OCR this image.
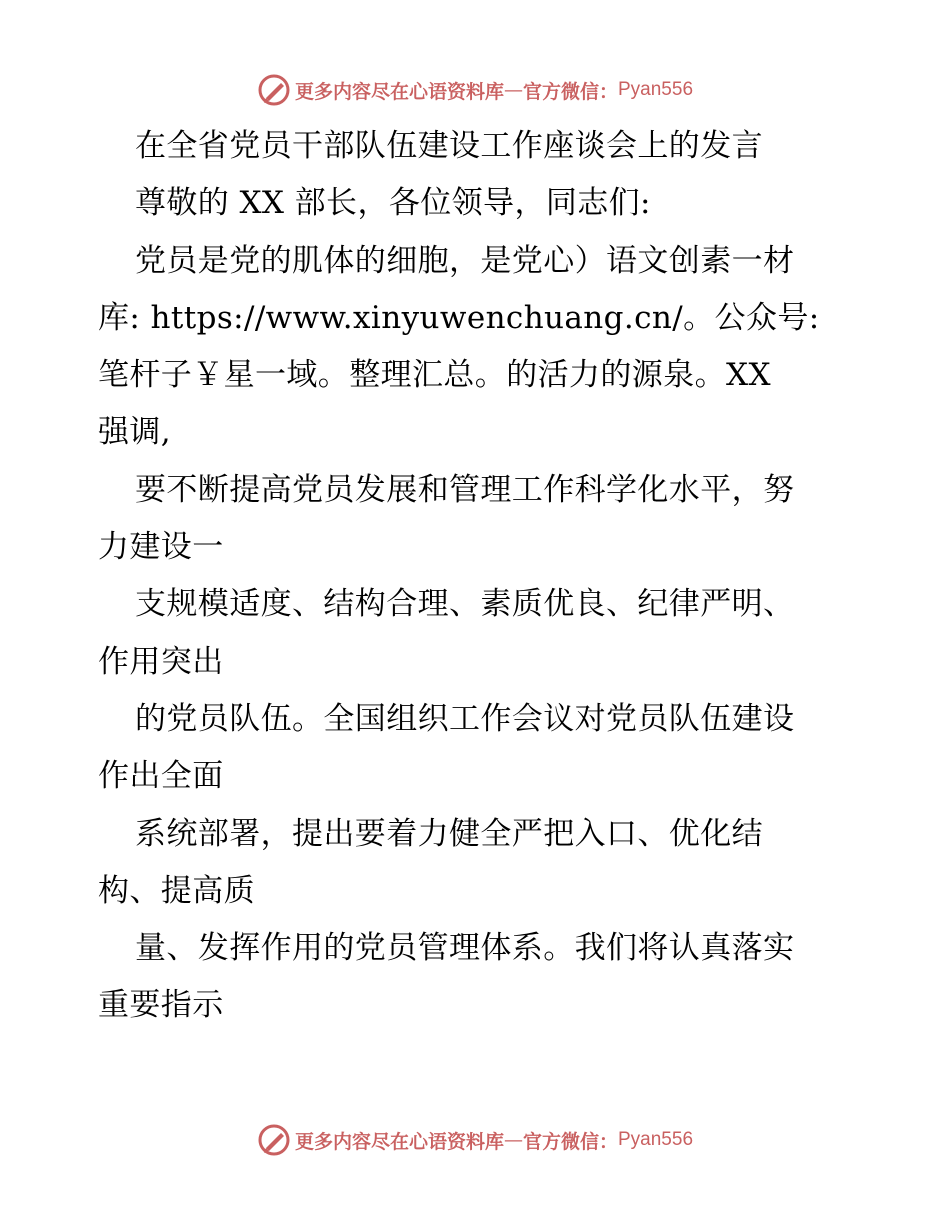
更多内容尽在心语资料库 — 官方微信： Pyan556
在全省党员干部队伍建设工作座谈会上的发言
尊敬的 XX 部长，各位领导，同志们:
党员是党的肌体的细胞，是党心）语文创素一材
库: https://www.xinyuwenchuang.cn/。公众号:
笔杆子￥星一域。整理汇总。的活力的源泉。XX
强调,
要不断提高党员发展和管理工作科学化水平，努
力建设一
支规模适度、结构合理、素质优良、纪律严明、
作用突出
的党员队伍。全国组织工作会议对党员队伍建设
作出全面
系统部署，提出要着力健全严把入口、优化结
构、提高质
量、发挥作用的党员管理体系。我们将认真落实
重要指示
更多内容尽在心语资料库 — 官方微信： Pyan556
